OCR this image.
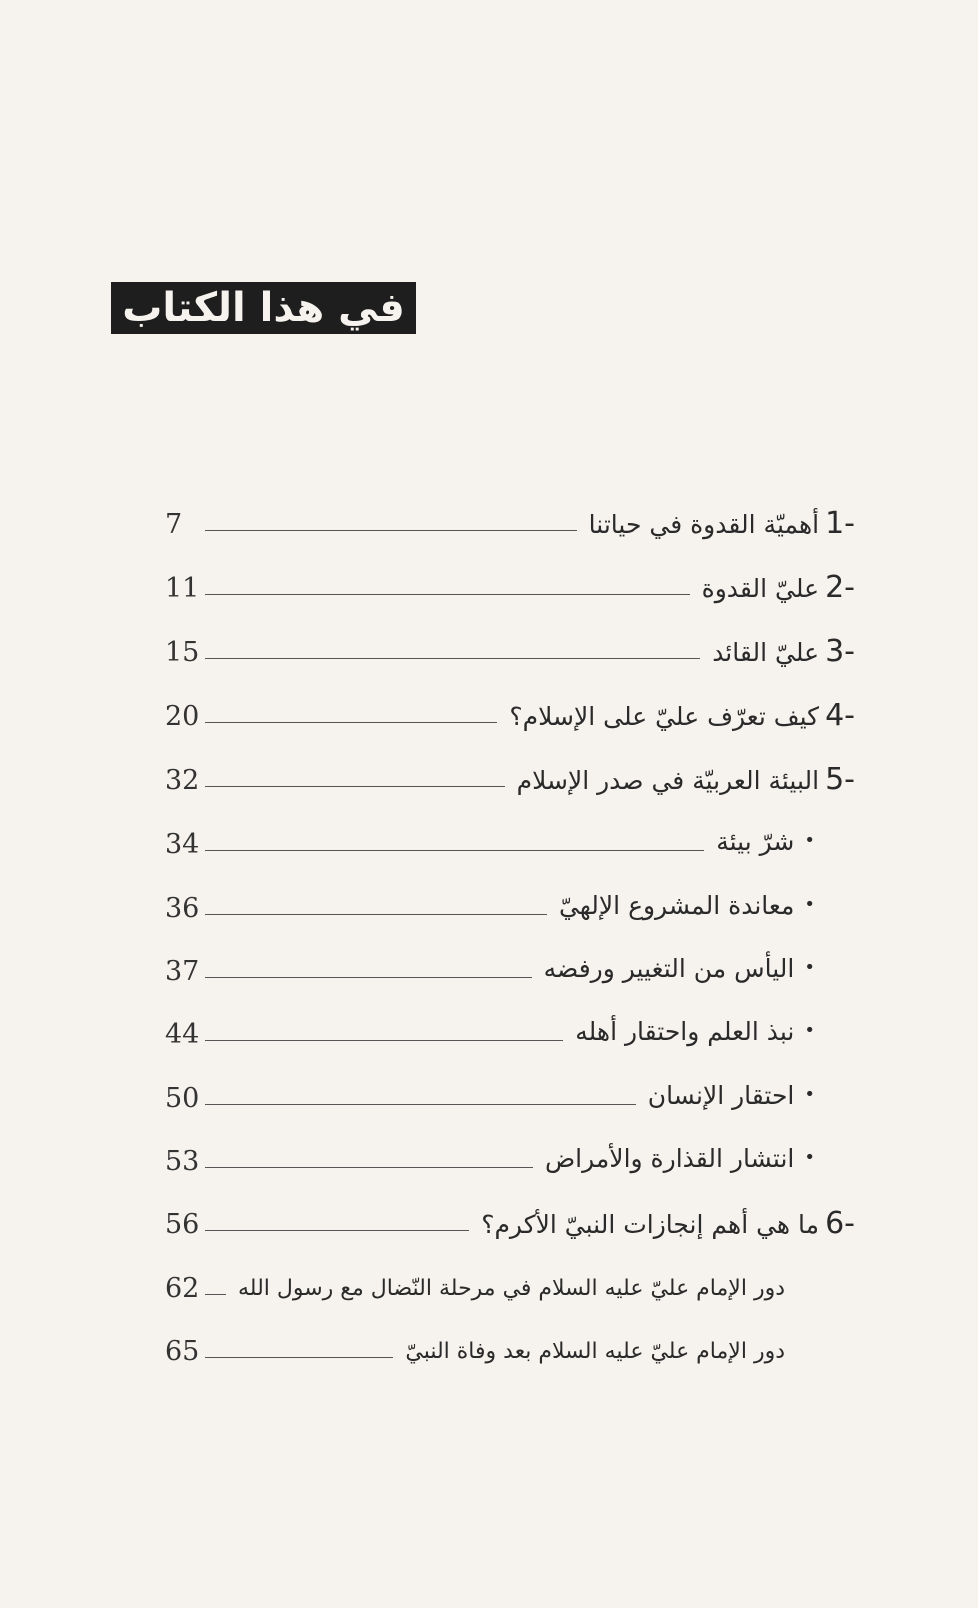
في هذا الكتاب
-1أهميّة القدوة في حياتنا
7
-2عليّ القدوة
11
-3عليّ القائد
15
-4كيف تعرّف عليّ على الإسلام؟
20
-5البيئة العربيّة في صدر الإسلام
32
•شرّ بيئة
34
•معاندة المشروع الإلهيّ
36
•اليأس من التغيير ورفضه
37
•نبذ العلم واحتقار أهله
44
•احتقار الإنسان
50
•انتشار القذارة والأمراض
53
-6ما هي أهم إنجازات النبيّ الأكرم؟
56
دور الإمام عليّ عليه السلام في مرحلة النّضال مع رسول الله
62
دور الإمام عليّ عليه السلام بعد وفاة النبيّ
65
